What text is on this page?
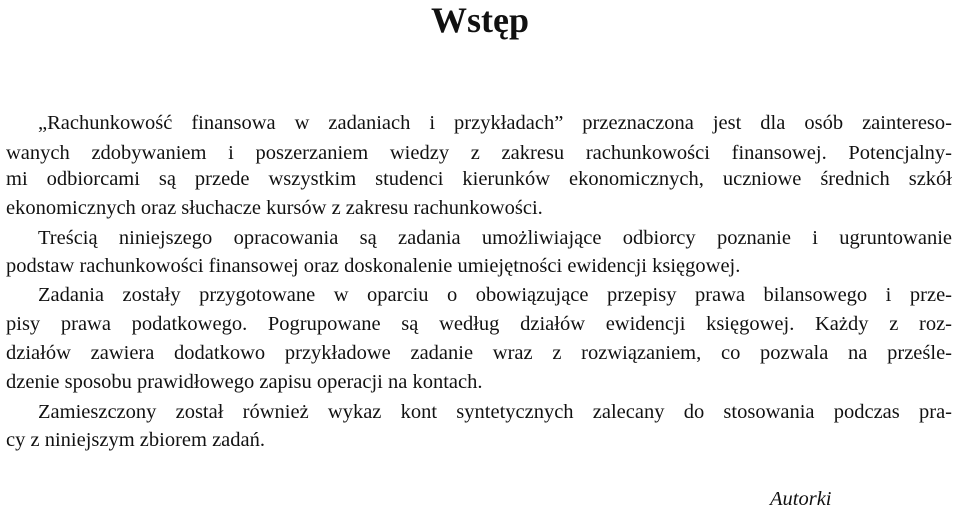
Wstęp
„Rachunkowość finansowa w zadaniach i przykładach” przeznaczona jest dla osób zaintereso-
wanych zdobywaniem i poszerzaniem wiedzy z zakresu rachunkowości finansowej. Potencjalny-
mi odbiorcami są przede wszystkim studenci kierunków ekonomicznych, uczniowe średnich szkół
ekonomicznych oraz słuchacze kursów z zakresu rachunkowości.
Treścią niniejszego opracowania są zadania umożliwiające odbiorcy poznanie i ugruntowanie
podstaw rachunkowości finansowej oraz doskonalenie umiejętności ewidencji księgowej.
Zadania zostały przygotowane w oparciu o obowiązujące przepisy prawa bilansowego i prze-
pisy prawa podatkowego. Pogrupowane są według działów ewidencji księgowej. Każdy z roz-
działów zawiera dodatkowo przykładowe zadanie wraz z rozwiązaniem, co pozwala na prześle-
dzenie sposobu prawidłowego zapisu operacji na kontach.
Zamieszczony został również wykaz kont syntetycznych zalecany do stosowania podczas pra-
cy z niniejszym zbiorem zadań.
Autorki
